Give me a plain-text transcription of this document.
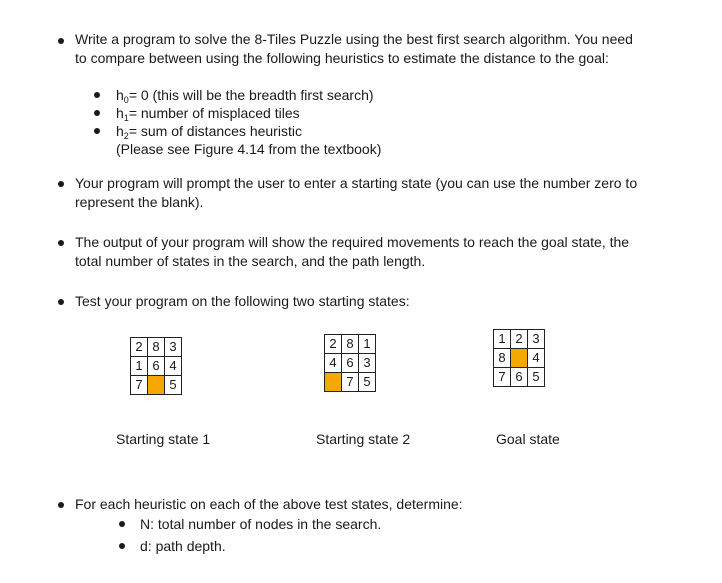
Write a program to solve the 8-Tiles Puzzle using the best first search algorithm. You need
to compare between using the following heuristics to estimate the distance to the goal:
$h_0= 0$ (this will be the breadth first search)
$h_1=$ number of misplaced tiles
$h_2=$ sum of distances heuristic
(Please see Figure 4.14 from the textbook)
Your program will prompt the user to enter a starting state (you can use the number zero to
represent the blank).
The output of your program will show the required movements to reach the goal state, the
total number of states in the search, and the path length.
Test your program on the following two starting states:
2	8	3
1	6	4
7		5
2	8	1
4	6	3
	7	5
1	2	3
8		4
7	6	5
Starting state 1	Starting state 2	Goal state
For each heuristic on each of the above test states, determine:
N: total number of nodes in the search.
d: path depth.
